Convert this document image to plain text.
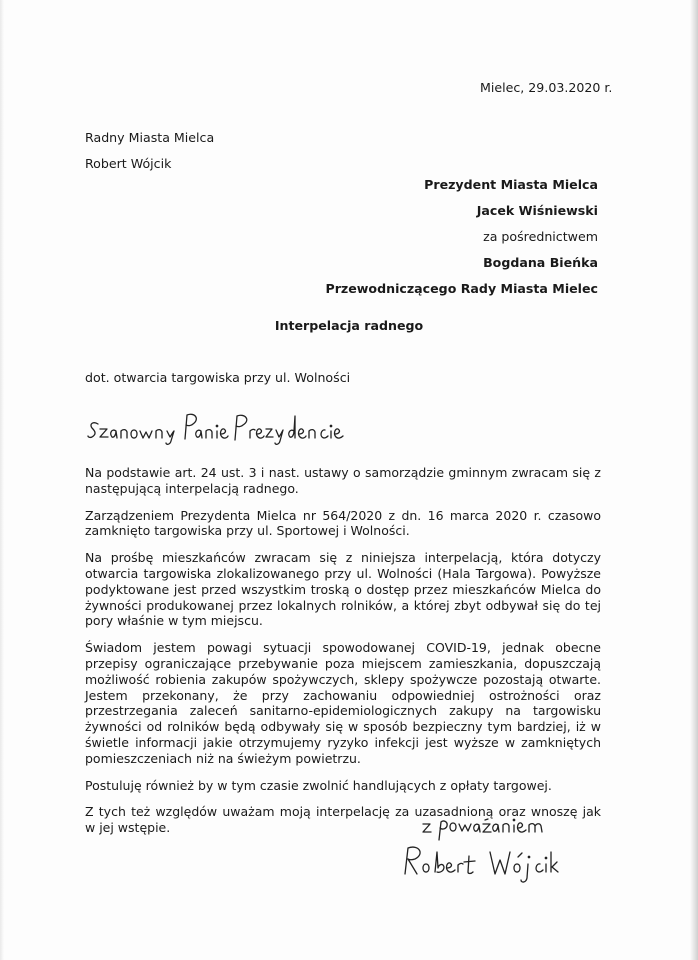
Mielec, 29.03.2020 r.
Radny Miasta Mielca
Robert Wójcik
Prezydent Miasta Mielca
Jacek Wiśniewski
za pośrednictwem
Bogdana Bieńka
Przewodniczącego Rady Miasta Mielec
Interpelacja radnego
dot. otwarcia targowiska przy ul. Wolności

Na podstawie art. 24 ust. 3 i nast. ustawy o samorządzie gminnym zwracam się z następującą interpelacją radnego.

Zarządzeniem Prezydenta Mielca nr 564/2020 z dn. 16 marca 2020 r. czasowo zamknięto targowiska przy ul. Sportowej i Wolności.

Na prośbę mieszkańców zwracam się z niniejsza interpelacją, która dotyczy otwarcia targowiska zlokalizowanego przy ul. Wolności (Hala Targowa). Powyższe podyktowane jest przed wszystkim troską o dostęp przez mieszkańców Mielca do żywności produkowanej przez lokalnych rolników, a której zbyt odbywał się do tej pory właśnie w tym miejscu.

Świadom jestem powagi sytuacji spowodowanej COVID-19, jednak obecne przepisy ograniczające przebywanie poza miejscem zamieszkania, dopuszczają możliwość robienia zakupów spożywczych, sklepy spożywcze pozostają otwarte. Jestem przekonany, że przy zachowaniu odpowiedniej ostrożności oraz przestrzegania zaleceń sanitarno-epidemiologicznych zakupy na targowisku żywności od rolników będą odbywały się w sposób bezpieczny tym bardziej, iż w świetle informacji jakie otrzymujemy ryzyko infekcji jest wyższe w zamkniętych pomieszczeniach niż na świeżym powietrzu.

Postuluję również by w tym czasie zwolnić handlujących z opłaty targowej.

Z tych też względów uważam moją interpelację za uzasadnioną oraz wnoszę jak w jej wstępie.
